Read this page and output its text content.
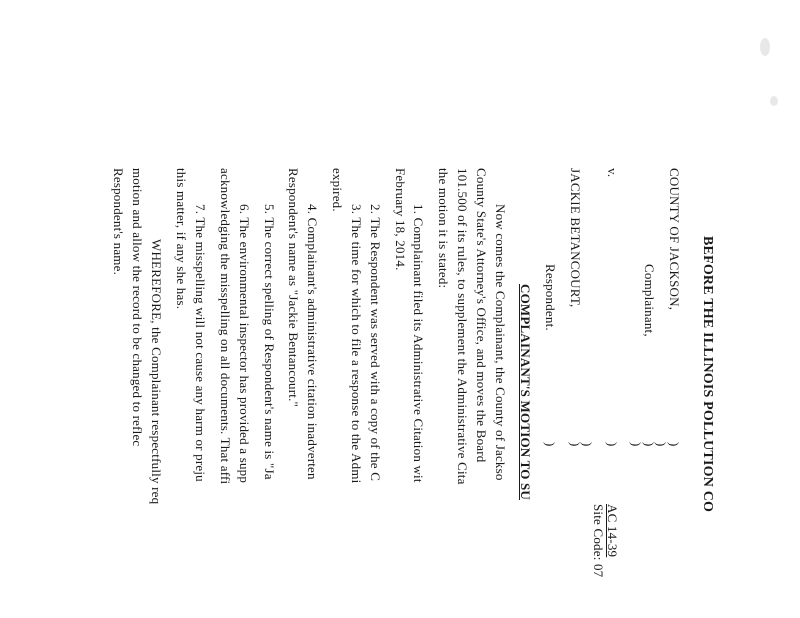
BEFORE THE ILLINOIS POLLUTION CO
COUNTY OF JACKSON,
Complainant,
v.
JACKIE BETANCOURT,
Respondent.
)
)
)
)
)
)
)
)
AC 14-39
Site Code: 07
COMPLAINANT'S MOTION TO SU
Now comes the Complainant, the County of Jackso
County State's Attorney's Office, and moves the Board
101.500 of its rules, to supplement the Administrative Cita
the motion it is stated:
1. Complainant filed its Administrative Citation wit
February 18, 2014.
2. The Respondent was served with a copy of the C
3. The time for which to file a response to the Admi
expired.
4. Complainant's administrative citation inadverten
Respondent's name as "Jackie Bentancourt."
5. The correct spelling of Respondent's name is "Ja
6. The environmental inspector has provided a supp
acknowledging the misspelling on all documents. That affi
7. The misspelling will not cause any harm or preju
this matter, if any she has.
WHEREFORE, the Complainant respectfully req
motion and allow the record to be changed to reflec
Respondent's name.
